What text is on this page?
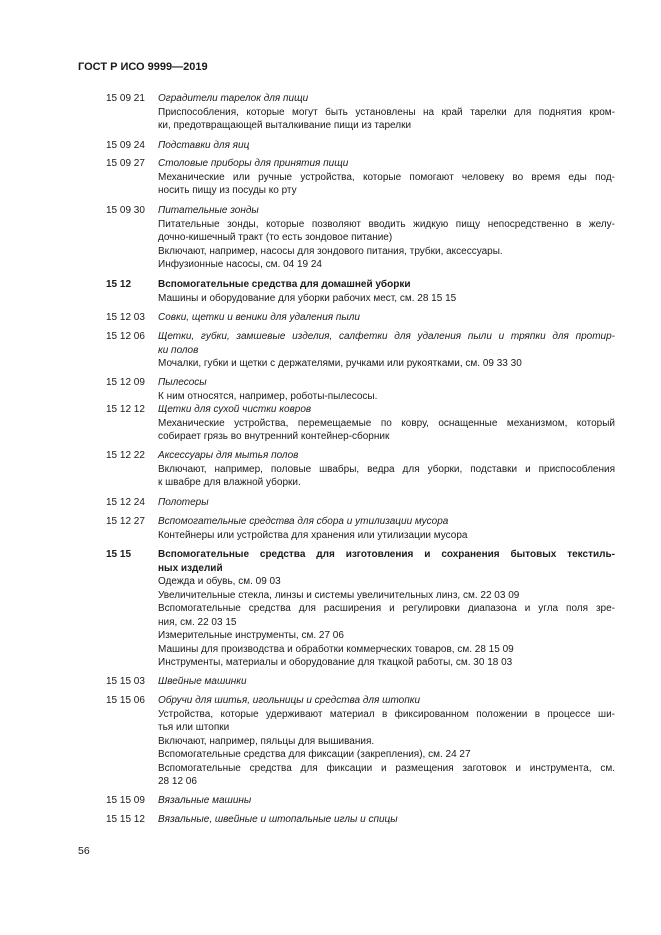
ГОСТ Р ИСО 9999—2019
15 09 21 Оградители тарелок для пищи
Приспособления, которые могут быть установлены на край тарелки для поднятия кром-
ки, предотвращающей выталкивание пищи из тарелки
15 09 24 Подставки для яиц
15 09 27 Столовые приборы для принятия пищи
Механические или ручные устройства, которые помогают человеку во время еды под-
носить пищу из посуды ко рту
15 09 30 Питательные зонды
Питательные зонды, которые позволяют вводить жидкую пищу непосредственно в желу-
дочно-кишечный тракт (то есть зондовое питание)
Включают, например, насосы для зондового питания, трубки, аксессуары.
Инфузионные насосы, см. 04 19 24
15 12	Вспомогательные средства для домашней уборки
Машины и оборудование для уборки рабочих мест, см. 28 15 15
15 12 03 Совки, щетки и веники для удаления пыли
15 12 06 Щетки, губки, замшевые изделия, салфетки для удаления пыли и тряпки для протир-
ки полов
Мочалки, губки и щетки с держателями, ручками или рукоятками, см. 09 33 30
15 12 09 Пылесосы
К ним относятся, например, роботы-пылесосы.
15 12 12 Щетки для сухой чистки ковров
Механические устройства, перемещаемые по ковру, оснащенные механизмом, который
собирает грязь во внутренний контейнер-сборник
15 12 22 Аксессуары для мытья полов
Включают, например, половые швабры, ведра для уборки, подставки и приспособления
к швабре для влажной уборки.
15 12 24 Полотеры
15 12 27 Вспомогательные средства для сбора и утилизации мусора
Контейнеры или устройства для хранения или утилизации мусора
15 15	Вспомогательные средства для изготовления и сохранения бытовых текстиль-
ных изделий
Одежда и обувь, см. 09 03
Увеличительные стекла, линзы и системы увеличительных линз, см. 22 03 09
Вспомогательные средства для расширения и регулировки диапазона и угла поля зре-
ния, см. 22 03 15
Измерительные инструменты, см. 27 06
Машины для производства и обработки коммерческих товаров, см. 28 15 09
Инструменты, материалы и оборудование для ткацкой работы, см. 30 18 03
15 15 03 Швейные машинки
15 15 06 Обручи для шитья, игольницы и средства для штопки
Устройства, которые удерживают материал в фиксированном положении в процессе ши-
тья или штопки
Включают, например, пяльцы для вышивания.
Вспомогательные средства для фиксации (закрепления), см. 24 27
Вспомогательные средства для фиксации и размещения заготовок и инструмента, см.
28 12 06
15 15 09 Вязальные машины
15 15 12 Вязальные, швейные и штопальные иглы и спицы
56
